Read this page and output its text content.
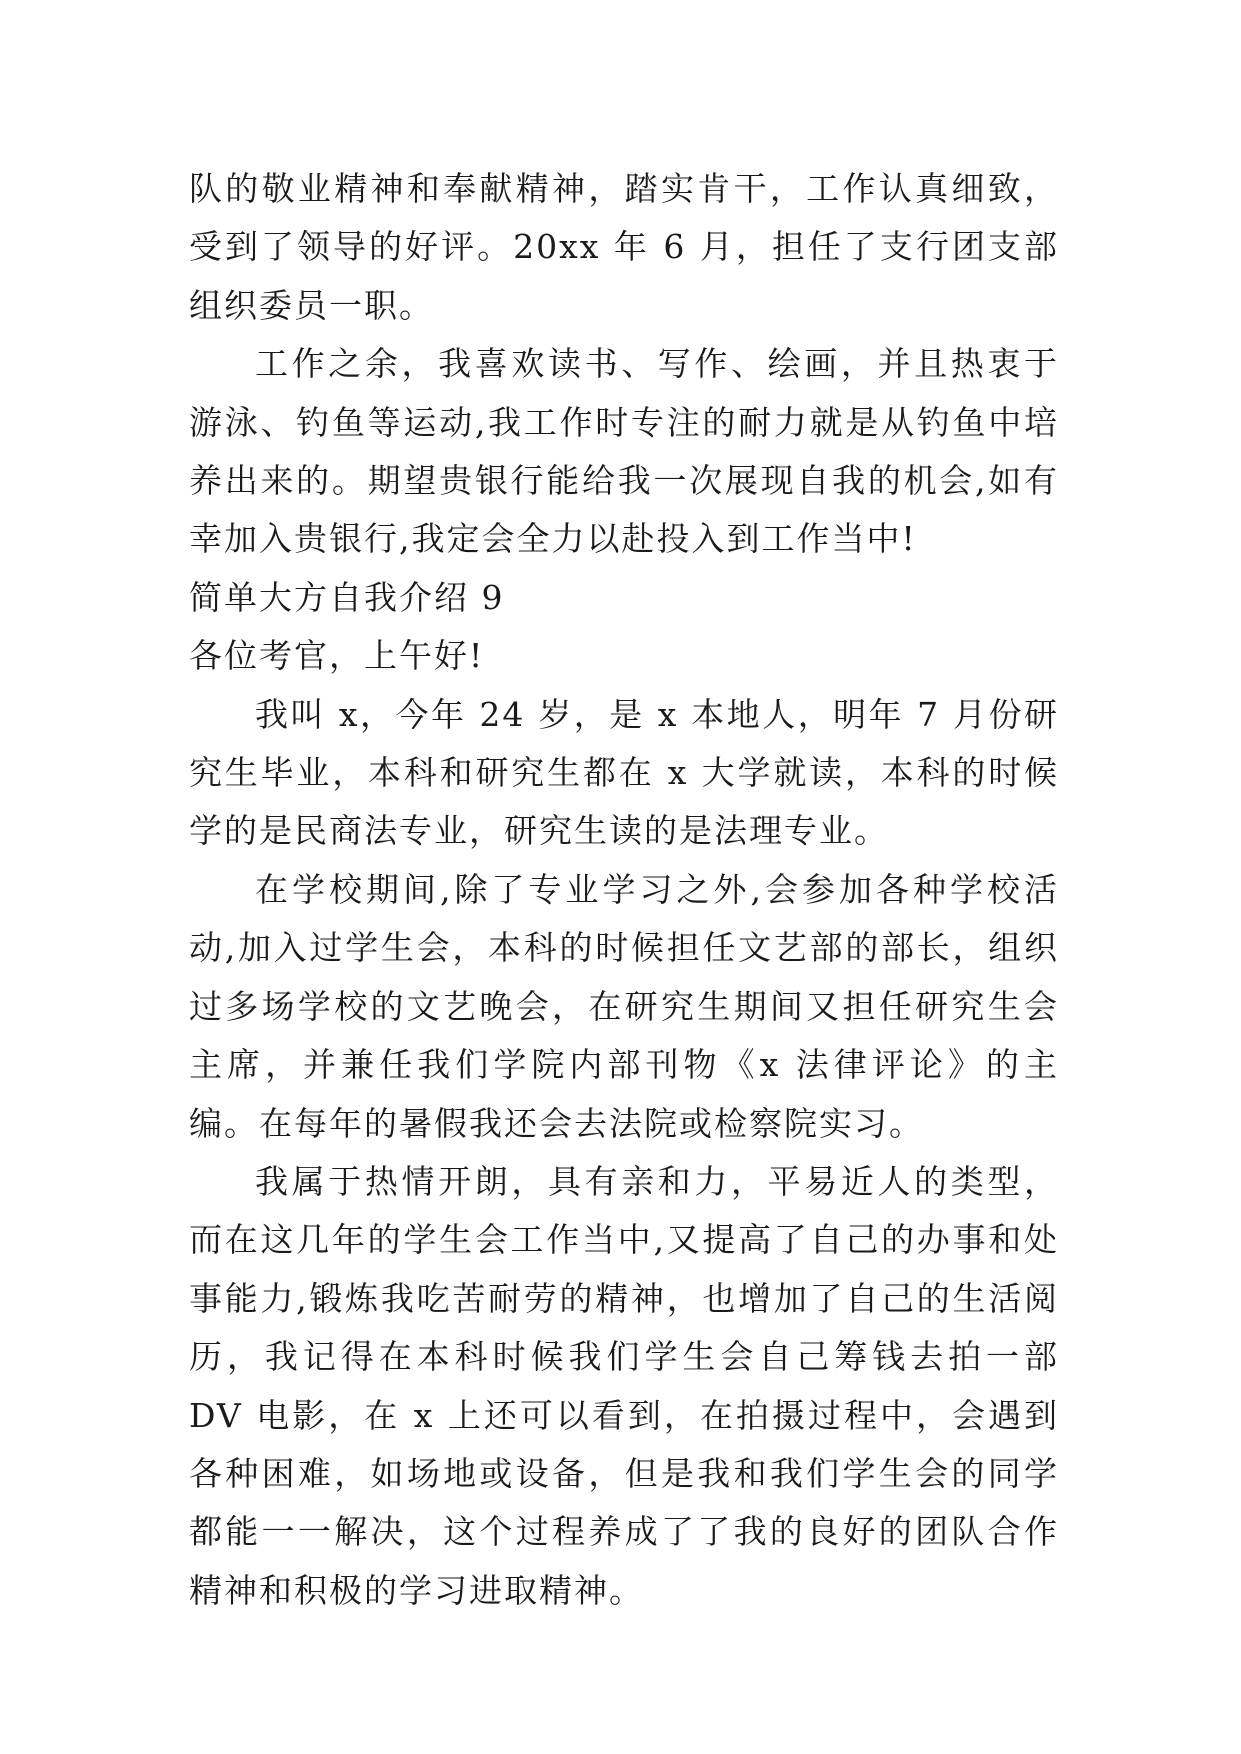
队的敬业精神和奉献精神，踏实肯干，工作认真细致，受到了领导的好评。20xx 年 6 月，担任了支行团支部组织委员一职。

工作之余，我喜欢读书、写作、绘画，并且热衷于游泳、钓鱼等运动,我工作时专注的耐力就是从钓鱼中培养出来的。期望贵银行能给我一次展现自我的机会,如有幸加入贵银行,我定会全力以赴投入到工作当中!

简单大方自我介绍 9

各位考官，上午好!

我叫 x，今年 24 岁，是 x 本地人，明年 7 月份研究生毕业，本科和研究生都在 x 大学就读，本科的时候学的是民商法专业，研究生读的是法理专业。

在学校期间,除了专业学习之外,会参加各种学校活动,加入过学生会，本科的时候担任文艺部的部长，组织过多场学校的文艺晚会，在研究生期间又担任研究生会主席，并兼任我们学院内部刊物《x 法律评论》的主编。在每年的暑假我还会去法院或检察院实习。

我属于热情开朗，具有亲和力，平易近人的类型，而在这几年的学生会工作当中,又提高了自己的办事和处事能力,锻炼我吃苦耐劳的精神，也增加了自己的生活阅历，我记得在本科时候我们学生会自己筹钱去拍一部 DV 电影，在 x 上还可以看到，在拍摄过程中，会遇到各种困难，如场地或设备，但是我和我们学生会的同学都能一一解决，这个过程养成了了我的良好的团队合作精神和积极的学习进取精神。
